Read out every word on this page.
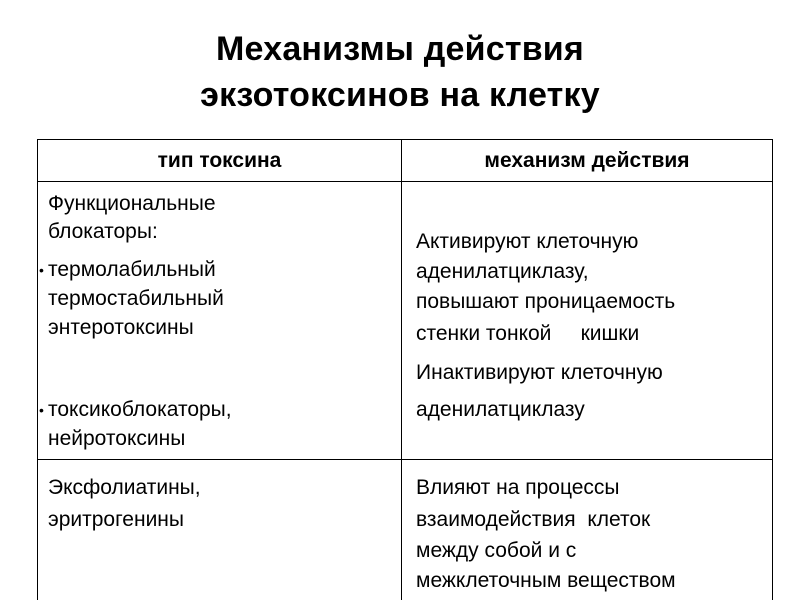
Механизмы действия
экзотоксинов на клетку
тип токсина	механизм действия
Функциональные
блокаторы:
• термолабильный
термостабильный
энтеротоксины
• токсикоблокаторы,
нейротоксины
Активируют клеточную
аденилатциклазу,
повышают проницаемость
стенки тонкой     кишки
Инактивируют клеточную
аденилатциклазу
Эксфолиатины,
эритрогенины
Влияют на процессы
взаимодействия  клеток
между собой и с
межклеточным веществом
